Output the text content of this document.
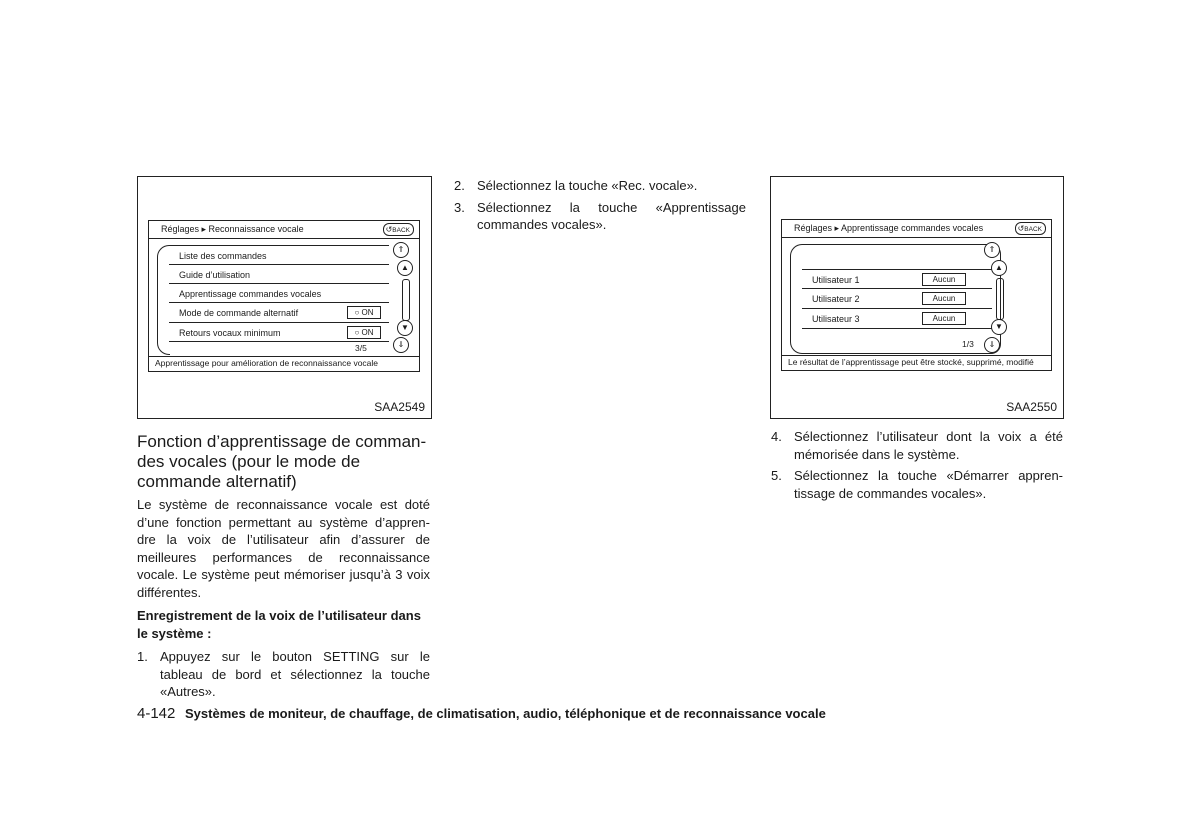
Réglages ▸ Reconnaissance vocale	↺BACK
Liste des commandes
Guide d’utilisation
Apprentissage commandes vocales
Mode de commande alternatif	○ ON
Retours vocaux minimum	○ ON
3/5
⇑
▲
▼
⇓
Apprentissage pour amélioration de reconnaissance vocale
SAA2549
Réglages ▸ Apprentissage commandes vocales	↺BACK
Utilisateur 1	Aucun
Utilisateur 2	Aucun
Utilisateur 3	Aucun
1/3
⇑
▲
▼
⇓
Le résultat de l’apprentissage peut être stocké, supprimé, modifié
SAA2550
Fonction d’apprentissage de comman-
des vocales (pour le mode de
commande alternatif)

Le système de reconnaissance vocale est doté d’une fonction permettant au système d’appren-dre la voix de l’utilisateur afin d’assurer de meilleures performances de reconnaissance vocale. Le système peut mémoriser jusqu’à 3 voix différentes.

Enregistrement de la voix de l’utilisateur dans le système :

1. Appuyez sur le bouton SETTING sur le tableau de bord et sélectionnez la touche «Autres».
2. Sélectionnez la touche «Rec. vocale».
3. Sélectionnez la touche «Apprentissage commandes vocales».
4. Sélectionnez l’utilisateur dont la voix a été mémorisée dans le système.
5. Sélectionnez la touche «Démarrer appren-tissage de commandes vocales».
4-142 Systèmes de moniteur, de chauffage, de climatisation, audio, téléphonique et de reconnaissance vocale
